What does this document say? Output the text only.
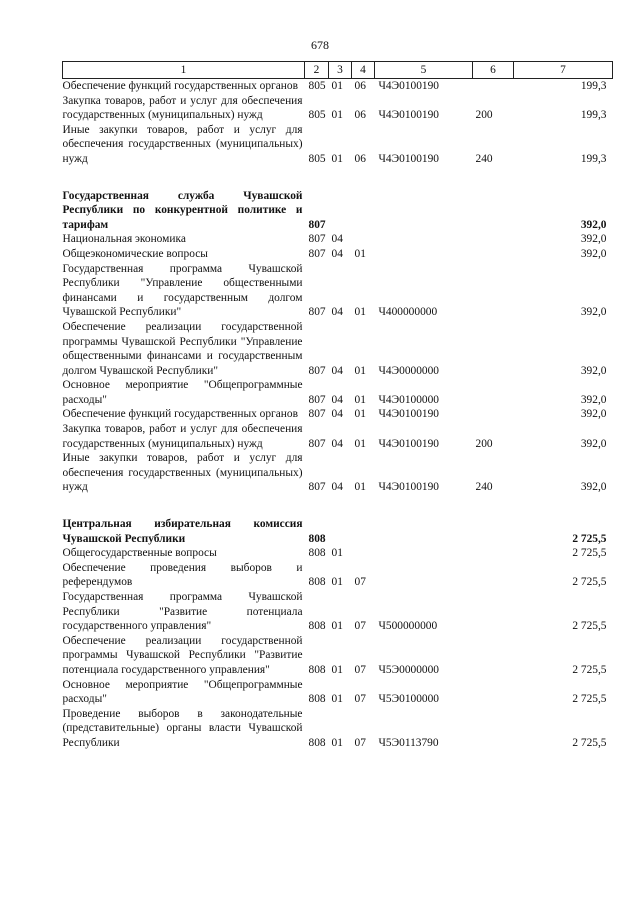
678
1	2	3	4	5	6	7
Обеспечение функций государственных органов	805	01	06	Ч4Э0100190		199,3
Закупка товаров, работ и услуг для обеспечения государственных (муниципальных) нужд	805	01	06	Ч4Э0100190	200	199,3
Иные закупки товаров, работ и услуг для обеспечения государственных (муниципальных) нужд	805	01	06	Ч4Э0100190	240	199,3

Государственная служба Чувашской Республики по конкурентной политике и тарифам	807					392,0
Национальная экономика	807	04				392,0
Общеэкономические вопросы	807	04	01			392,0
Государственная программа Чувашской Республики "Управление общественными финансами и государственным долгом Чувашской Республики"	807	04	01	Ч400000000		392,0
Обеспечение реализации государственной программы Чувашской Республики "Управление общественными финансами и государственным долгом Чувашской Республики"	807	04	01	Ч4Э0000000		392,0
Основное мероприятие "Общепрограммные расходы"	807	04	01	Ч4Э0100000		392,0
Обеспечение функций государственных органов	807	04	01	Ч4Э0100190		392,0
Закупка товаров, работ и услуг для обеспечения государственных (муниципальных) нужд	807	04	01	Ч4Э0100190	200	392,0
Иные закупки товаров, работ и услуг для обеспечения государственных (муниципальных) нужд	807	04	01	Ч4Э0100190	240	392,0

Центральная избирательная комиссия Чувашской Республики	808					2 725,5
Общегосударственные вопросы	808	01				2 725,5
Обеспечение проведения выборов и референдумов	808	01	07			2 725,5
Государственная программа Чувашской Республики "Развитие потенциала государственного управления"	808	01	07	Ч500000000		2 725,5
Обеспечение реализации государственной программы Чувашской Республики "Развитие потенциала государственного управления"	808	01	07	Ч5Э0000000		2 725,5
Основное мероприятие "Общепрограммные расходы"	808	01	07	Ч5Э0100000		2 725,5
Проведение выборов в законодательные (представительные) органы власти Чувашской Республики	808	01	07	Ч5Э0113790		2 725,5
